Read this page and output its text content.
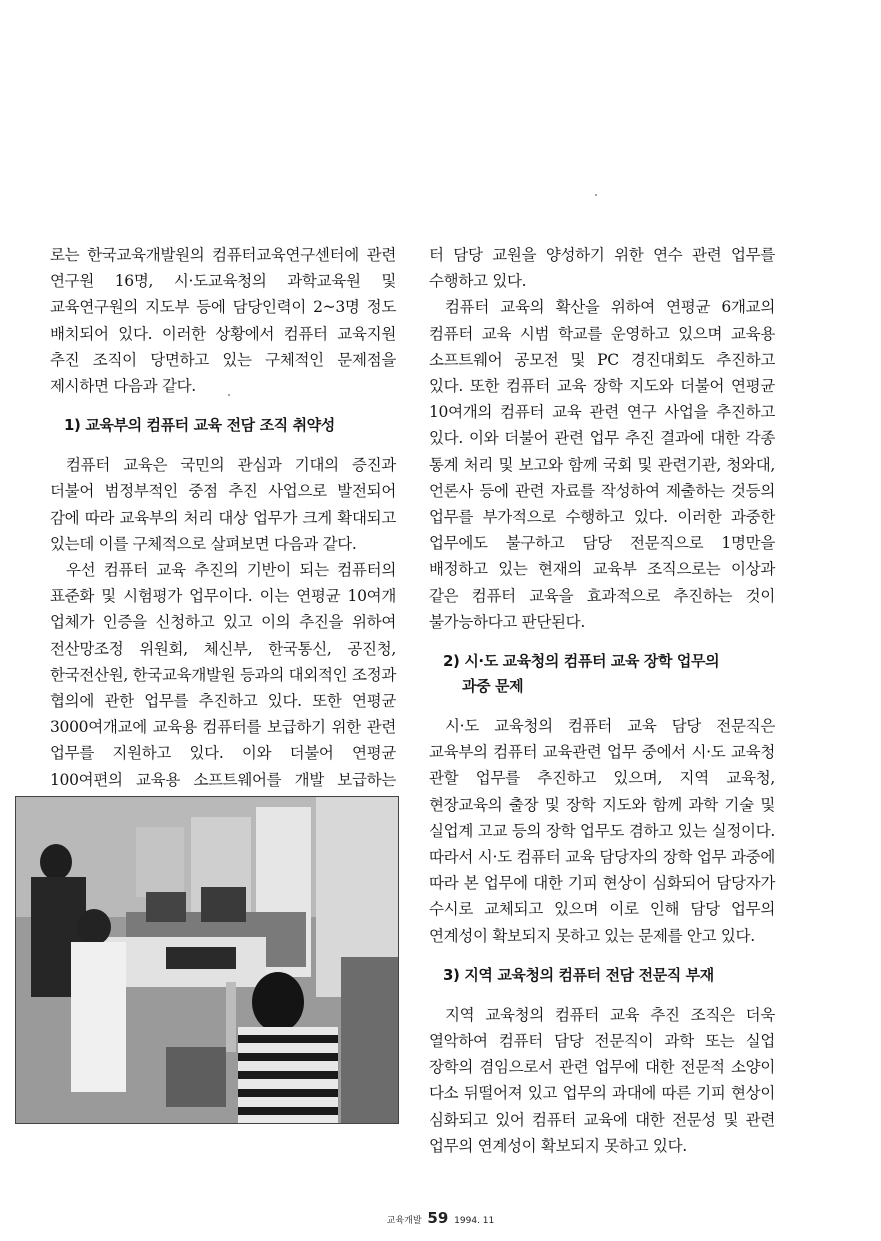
로는 한국교육개발원의 컴퓨터교육연구센터에 관련 연구원 16명, 시·도교육청의 과학교육원 및 교육연구원의 지도부 등에 담당인력이 2~3명 정도 배치되어 있다. 이러한 상황에서 컴퓨터 교육지원 추진 조직이 당면하고 있는 구체적인 문제점을 제시하면 다음과 같다.

1) 교육부의 컴퓨터 교육 전담 조직 취약성

컴퓨터 교육은 국민의 관심과 기대의 증진과 더불어 범정부적인 중점 추진 사업으로 발전되어 감에 따라 교육부의 처리 대상 업무가 크게 확대되고 있는데 이를 구체적으로 살펴보면 다음과 같다.

우선 컴퓨터 교육 추진의 기반이 되는 컴퓨터의 표준화 및 시험평가 업무이다. 이는 연평균 10여개 업체가 인증을 신청하고 있고 이의 추진을 위하여 전산망조정 위원회, 체신부, 한국통신, 공진청, 한국전산원, 한국교육개발원 등과의 대외적인 조정과 협의에 관한 업무를 추진하고 있다. 또한 연평균 3000여개교에 교육용 컴퓨터를 보급하기 위한 관련 업무를 지원하고 있다. 이와 더불어 연평균 100여편의 교육용 소프트웨어를 개발 보급하는

터 담당 교원을 양성하기 위한 연수 관련 업무를 수행하고 있다.

컴퓨터 교육의 확산을 위하여 연평균 6개교의 컴퓨터 교육 시범 학교를 운영하고 있으며 교육용 소프트웨어 공모전 및 PC 경진대회도 추진하고 있다. 또한 컴퓨터 교육 장학 지도와 더불어 연평균 10여개의 컴퓨터 교육 관련 연구 사업을 추진하고 있다. 이와 더불어 관련 업무 추진 결과에 대한 각종 통계 처리 및 보고와 함께 국회 및 관련기관, 청와대, 언론사 등에 관련 자료를 작성하여 제출하는 것등의 업무를 부가적으로 수행하고 있다. 이러한 과중한 업무에도 불구하고 담당 전문직으로 1명만을 배정하고 있는 현재의 교육부 조직으로는 이상과 같은 컴퓨터 교육을 효과적으로 추진하는 것이 불가능하다고 판단된다.

2) 시·도 교육청의 컴퓨터 교육 장학 업무의
과중 문제

시·도 교육청의 컴퓨터 교육 담당 전문직은 교육부의 컴퓨터 교육관련 업무 중에서 시·도 교육청 관할 업무를 추진하고 있으며, 지역 교육청, 현장교육의 출장 및 장학 지도와 함께 과학 기술 및 실업계 고교 등의 장학 업무도 겸하고 있는 실정이다. 따라서 시·도 컴퓨터 교육 담당자의 장학 업무 과중에 따라 본 업무에 대한 기피 현상이 심화되어 담당자가 수시로 교체되고 있으며 이로 인해 담당 업무의 연계성이 확보되지 못하고 있는 문제를 안고 있다.

3) 지역 교육청의 컴퓨터 전담 전문직 부재

지역 교육청의 컴퓨터 교육 추진 조직은 더욱 열악하여 컴퓨터 담당 전문직이 과학 또는 실업 장학의 겸임으로서 관련 업무에 대한 전문적 소양이 다소 뒤떨어져 있고 업무의 과대에 따른 기피 현상이 심화되고 있어 컴퓨터 교육에 대한 전문성 및 관련 업무의 연계성이 확보되지 못하고 있다.

교육개발 59 1994. 11
